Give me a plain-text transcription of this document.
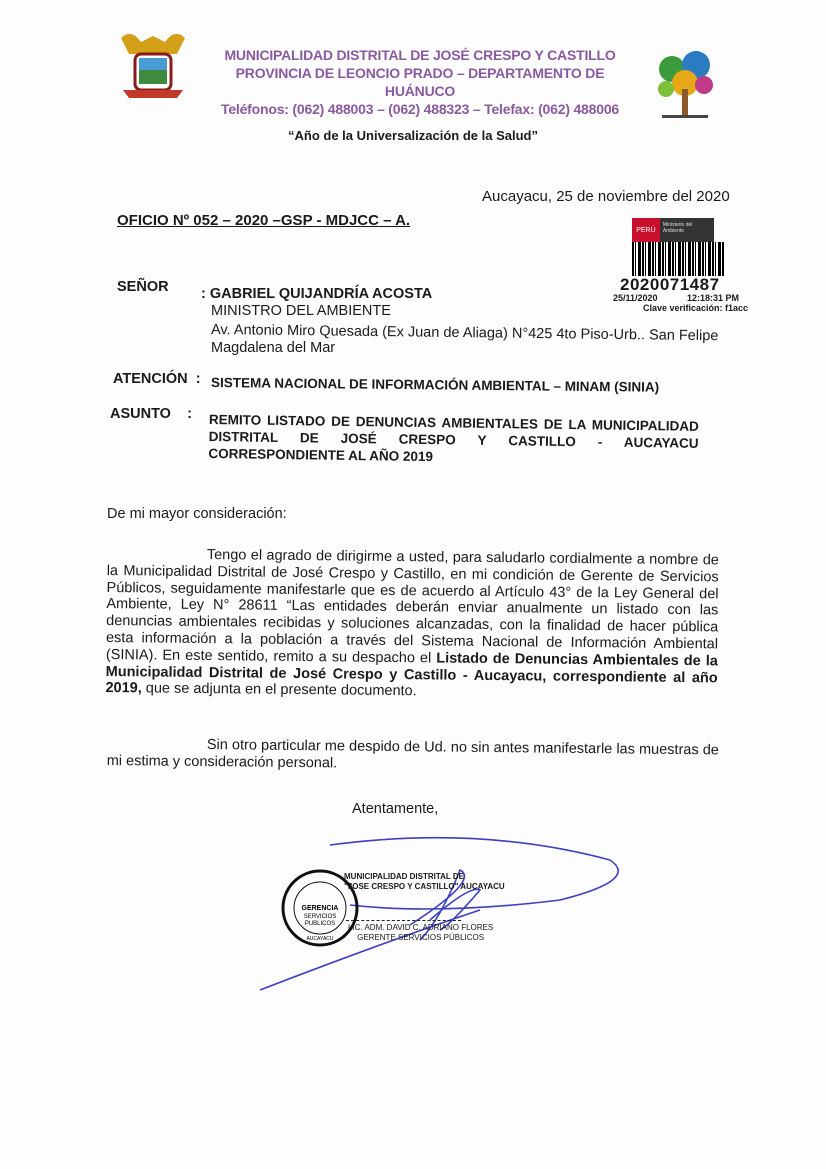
MUNICIPALIDAD DISTRITAL DE JOSÉ CRESPO Y CASTILLO
PROVINCIA DE LEONCIO PRADO – DEPARTAMENTO DE HUÁNUCO
Teléfonos: (062) 488003 – (062) 488323 – Telefax: (062) 488006
“Año de la Universalización de la Salud”
Aucayacu, 25 de noviembre del 2020
OFICIO Nº 052 – 2020 –GSP - MDJCC – A.
PERÚ
Ministerio del Ambiente
2020071487
25/11/2020	12:18:31 PM
Clave verificación: f1acc
SEÑOR : GABRIEL QUIJANDRÍA ACOSTA
MINISTRO DEL AMBIENTE
Av. Antonio Miro Quesada (Ex Juan de Aliaga) N°425 4to Piso-Urb.. San Felipe
Magdalena del Mar
ATENCIÓN  : SISTEMA NACIONAL DE INFORMACIÓN AMBIENTAL – MINAM (SINIA)
ASUNTO    : REMITO LISTADO DE DENUNCIAS AMBIENTALES DE LA MUNICIPALIDAD DISTRITAL DE JOSÉ CRESPO Y CASTILLO - AUCAYACU CORRESPONDIENTE AL AÑO 2019
De mi mayor consideración:
Tengo el agrado de dirigirme a usted, para saludarlo cordialmente a nombre de la Municipalidad Distrital de José Crespo y Castillo, en mi condición de Gerente de Servicios Públicos, seguidamente manifestarle que es de acuerdo al Artículo 43° de la Ley General del Ambiente, Ley N° 28611 “Las entidades deberán enviar anualmente un listado con las denuncias ambientales recibidas y soluciones alcanzadas, con la finalidad de hacer pública esta información a la población a través del Sistema Nacional de Información Ambiental (SINIA). En este sentido, remito a su despacho el Listado de Denuncias Ambientales de la Municipalidad Distrital de José Crespo y Castillo - Aucayacu, correspondiente al año 2019, que se adjunta en el presente documento.
Sin otro particular me despido de Ud. no sin antes manifestarle las muestras de mi estima y consideración personal.
Atentamente,
GERENCIA
SERVICIOS
PUBLICOS
AUCAYACU
MUNICIPALIDAD DISTRITAL DE
"JOSE CRESPO Y CASTILLO" AUCAYACU
LIC. ADM. DAVID C. ADRIANO FLORES
GERENTE SERVICIOS PÚBLICOS
